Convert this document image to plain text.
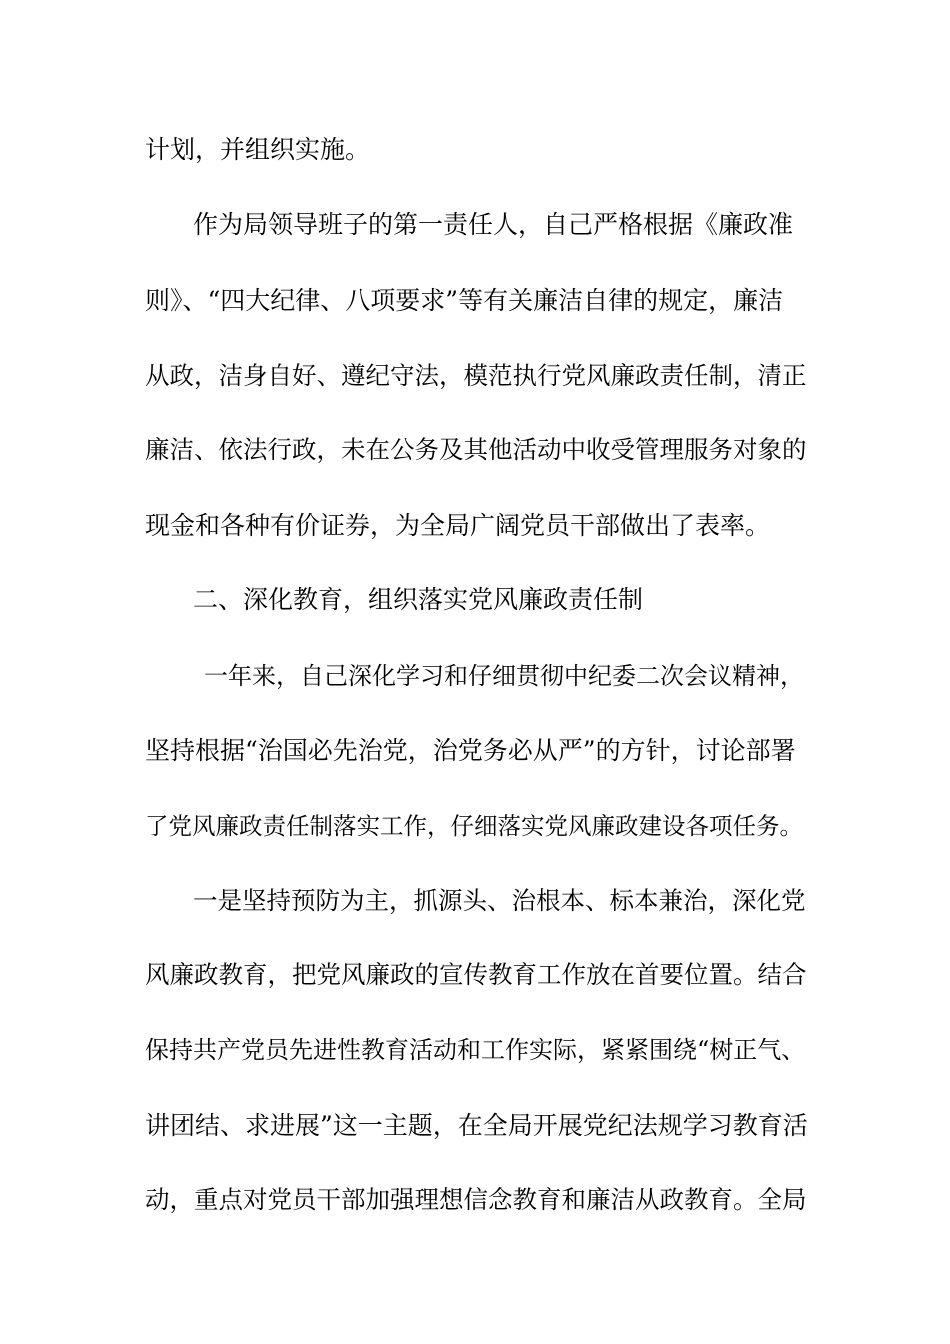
计划，并组织实施。
作为局领导班子的第一责任人，自己严格根据《廉政准
则》、“四大纪律、八项要求”等有关廉洁自律的规定，廉洁
从政，洁身自好、遵纪守法，模范执行党风廉政责任制，清正
廉洁、依法行政，未在公务及其他活动中收受管理服务对象的
现金和各种有价证券，为全局广阔党员干部做出了表率。
二、深化教育，组织落实党风廉政责任制
一年来，自己深化学习和仔细贯彻中纪委二次会议精神，
坚持根据“治国必先治党，治党务必从严”的方针，讨论部署
了党风廉政责任制落实工作，仔细落实党风廉政建设各项任务。
一是坚持预防为主，抓源头、治根本、标本兼治，深化党
风廉政教育，把党风廉政的宣传教育工作放在首要位置。结合
保持共产党员先进性教育活动和工作实际，紧紧围绕“树正气、
讲团结、求进展”这一主题，在全局开展党纪法规学习教育活
动，重点对党员干部加强理想信念教育和廉洁从政教育。全局
